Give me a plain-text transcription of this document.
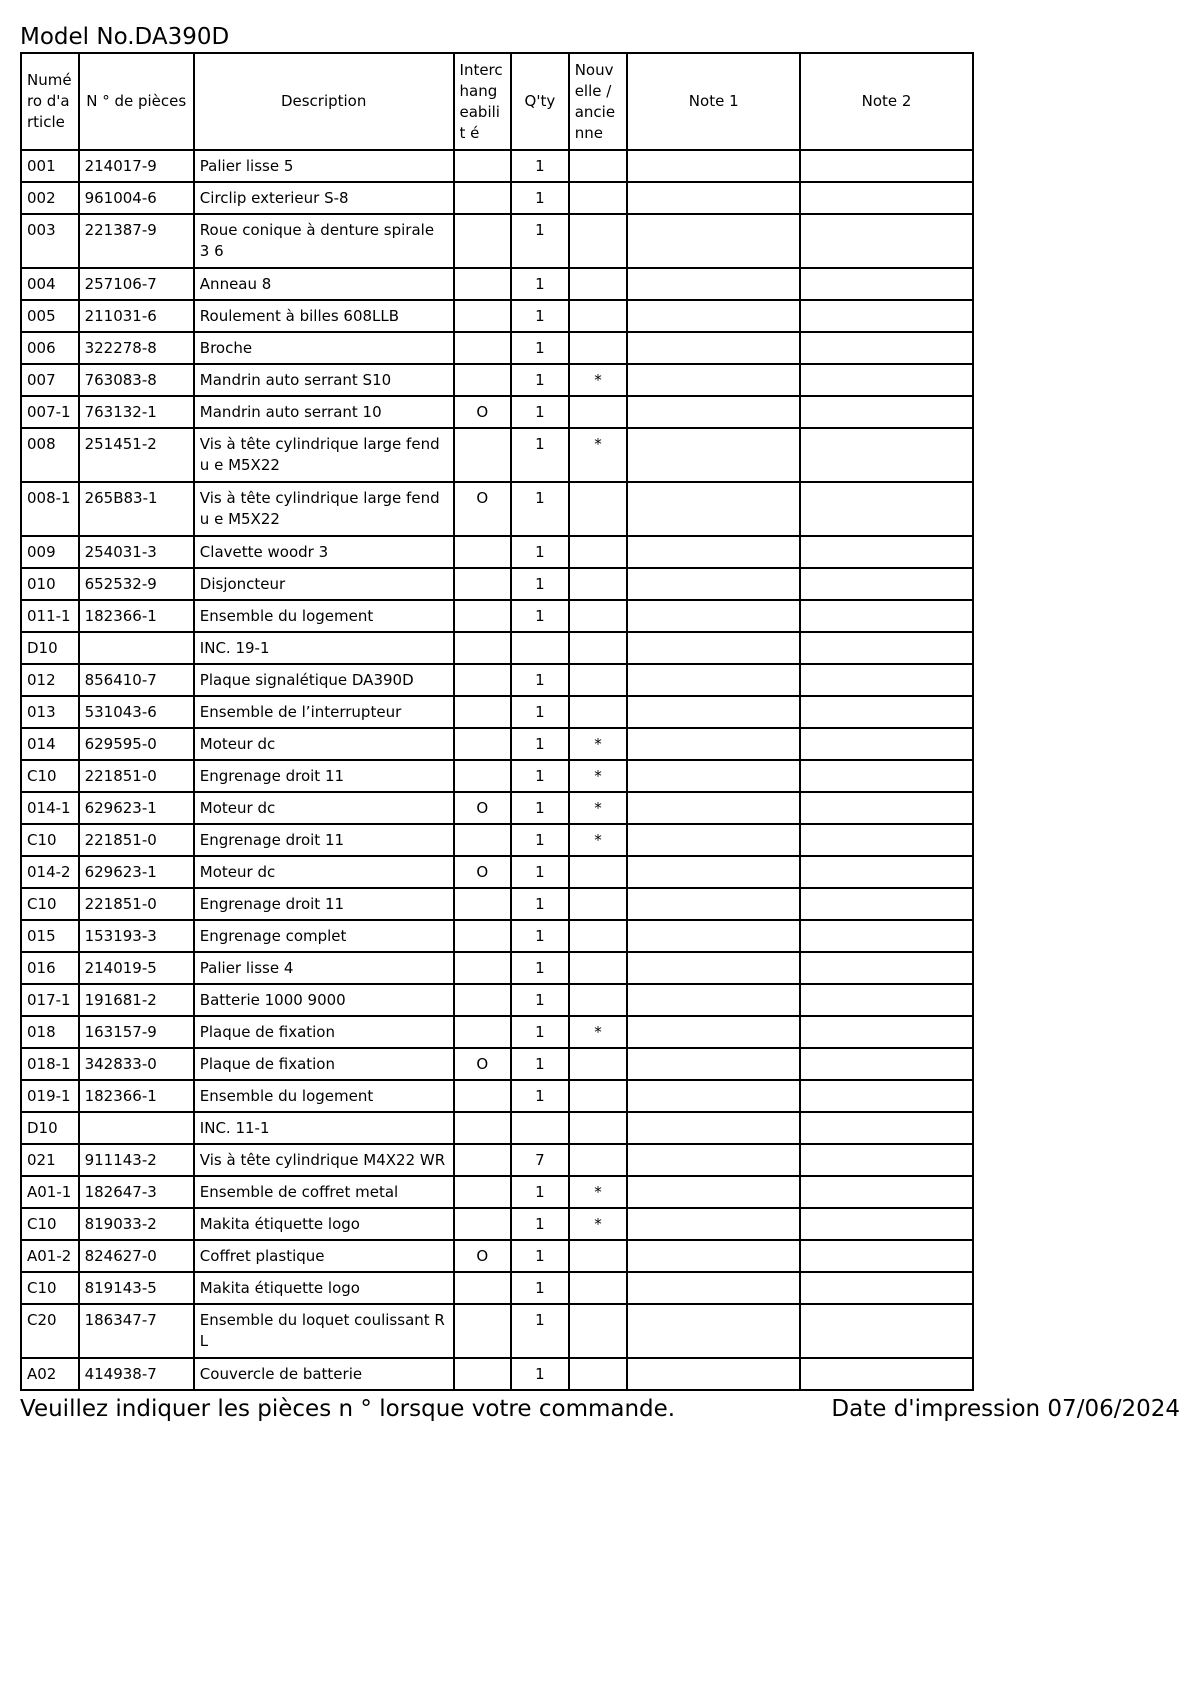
Model No.DA390D
Numé ro d'a rticle	N ° de pièces	Description	Interc hang eabilit é	Q'ty	Nouv elle / ancie nne	Note 1	Note 2
001	214017-9	Palier lisse 5		1			
002	961004-6	Circlip exterieur S-8		1			
003	221387-9	Roue conique à denture spirale 3 6		1			
004	257106-7	Anneau 8		1			
005	211031-6	Roulement à billes 608LLB		1			
006	322278-8	Broche		1			
007	763083-8	Mandrin auto serrant S10		1	*		
007-1	763132-1	Mandrin auto serrant 10	O	1			
008	251451-2	Vis à tête cylindrique large fendu e M5X22		1	*		
008-1	265B83-1	Vis à tête cylindrique large fendu e M5X22	O	1			
009	254031-3	Clavette woodr 3		1			
010	652532-9	Disjoncteur		1			
011-1	182366-1	Ensemble du logement		1			
D10		INC. 19-1					
012	856410-7	Plaque signalétique DA390D		1			
013	531043-6	Ensemble de l’interrupteur		1			
014	629595-0	Moteur dc		1	*		
C10	221851-0	Engrenage droit 11		1	*		
014-1	629623-1	Moteur dc	O	1	*		
C10	221851-0	Engrenage droit 11		1	*		
014-2	629623-1	Moteur dc	O	1			
C10	221851-0	Engrenage droit 11		1			
015	153193-3	Engrenage complet		1			
016	214019-5	Palier lisse 4		1			
017-1	191681-2	Batterie 1000 9000		1			
018	163157-9	Plaque de fixation		1	*		
018-1	342833-0	Plaque de fixation	O	1			
019-1	182366-1	Ensemble du logement		1			
D10		INC. 11-1					
021	911143-2	Vis à tête cylindrique M4X22 WR		7			
A01-1	182647-3	Ensemble de coffret metal		1	*		
C10	819033-2	Makita étiquette logo		1	*		
A01-2	824627-0	Coffret plastique	O	1			
C10	819143-5	Makita étiquette logo		1			
C20	186347-7	Ensemble du loquet coulissant R L		1			
A02	414938-7	Couvercle de batterie		1			
Veuillez indiquer les pièces n ° lorsque votre commande.	Date d'impression 07/06/2024
